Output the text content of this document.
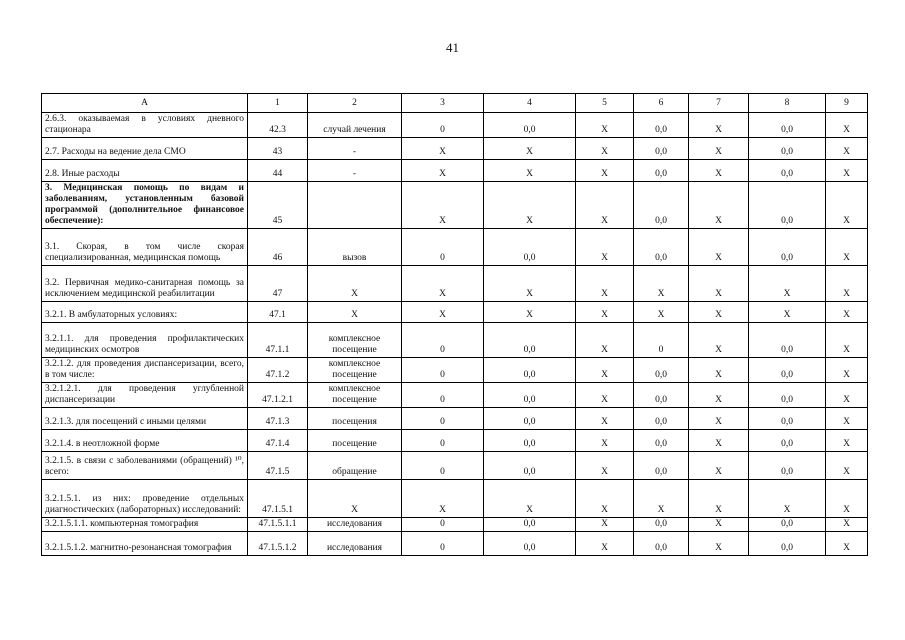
41
А	1	2	3	4	5	6	7	8	9
2.6.3. оказываемая в условиях дневного стационара	42.3	случай лечения	0	0,0	X	0,0	X	0,0	X
2.7. Расходы на ведение дела СМО	43	-	X	X	X	0,0	X	0,0	X
2.8. Иные расходы	44	-	X	X	X	0,0	X	0,0	X
3. Медицинская помощь по видам и заболеваниям, установленным базовой программой (дополнительное финансовое обеспечение):	45		X	X	X	0,0	X	0,0	X
3.1. Скорая, в том числе скорая специализированная, медицинская помощь	46	вызов	0	0,0	X	0,0	X	0,0	X
3.2. Первичная медико-санитарная помощь за исключением медицинской реабилитации	47	X	X	X	X	X	X	X	X
3.2.1. В амбулаторных условиях:	47.1	X	X	X	X	X	X	X	X
3.2.1.1. для проведения профилактических медицинских осмотров	47.1.1	комплексное посещение	0	0,0	X	0	X	0,0	X
3.2.1.2. для проведения диспансеризации, всего, в том числе:	47.1.2	комплексное посещение	0	0,0	X	0,0	X	0,0	X
3.2.1.2.1. для проведения углубленной диспансеризации	47.1.2.1	комплексное посещение	0	0,0	X	0,0	X	0,0	X
3.2.1.3. для посещений с иными целями	47.1.3	посещения	0	0,0	X	0,0	X	0,0	X
3.2.1.4. в неотложной форме	47.1.4	посещение	0	0,0	X	0,0	X	0,0	X
3.2.1.5. в связи с заболеваниями (обращений) ¹⁰, всего:	47.1.5	обращение	0	0,0	X	0,0	X	0,0	X
3.2.1.5.1. из них: проведение отдельных диагностических (лабораторных) исследований:	47.1.5.1	X	X	X	X	X	X	X	X
3.2.1.5.1.1. компьютерная томография	47.1.5.1.1	исследования	0	0,0	X	0,0	X	0,0	X
3.2.1.5.1.2. магнитно-резонансная томография	47.1.5.1.2	исследования	0	0,0	X	0,0	X	0,0	X
